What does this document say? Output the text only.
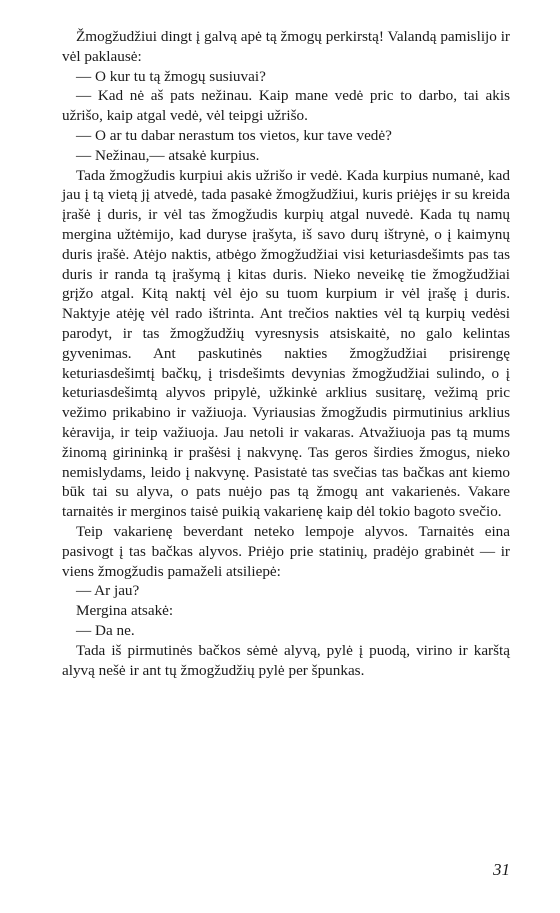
Žmogžudžiui dingt į galvą apė tą žmogų perkirstą! Valandą pamislijo ir vėl paklausė:

— O kur tu tą žmogų susiuvai?

— Kad nė aš pats nežinau. Kaip mane vedė pric to darbo, tai akis užrišo, kaip atgal vedė, vėl teipgi užrišo.

— O ar tu dabar nerastum tos vietos, kur tave vedė?

— Nežinau,— atsakė kurpius.

Tada žmogžudis kurpiui akis užrišo ir vedė. Kada kurpius numanė, kad jau į tą vietą jį atvedė, tada pasakė žmogžudžiui, kuris priėjęs ir su kreida įrašė į duris, ir vėl tas žmogžudis kurpių atgal nuvedė. Kada tų namų mergina užtėmijo, kad duryse įrašyta, iš savo durų ištrynė, o į kaimynų duris įrašė. Atėjo naktis, atbėgo žmogžudžiai visi keturiasdešimts pas tas duris ir randa tą įrašymą į kitas duris. Nieko neveikę tie žmogžudžiai grįžo atgal. Kitą naktį vėl ėjo su tuom kurpium ir vėl įrašę į duris. Naktyje atėję vėl rado ištrinta. Ant trečios nakties vėl tą kurpių vedėsi parodyt, ir tas žmogžudžių vyresnysis atsiskaitė, no galo kelintas gyvenimas. Ant paskutinės nakties žmogžudžiai prisirengę keturiasdešimtį bačkų, į trisdešimts devynias žmogžudžiai sulindo, o į keturiasdešimtą alyvos pripylė, užkinkė arklius susitarę, vežimą pric vežimo prikabino ir važiuoja. Vyriausias žmogžudis pirmutinius arklius kėravija, ir teip važiuoja. Jau netoli ir vakaras. Atvažiuoja pas tą mums žinomą girininką ir prašėsi į nakvynę. Tas geros širdies žmogus, nieko nemislydams, leido į nakvynę. Pasistatė tas svečias tas bačkas ant kiemo būk tai su alyva, o pats nuėjo pas tą žmogų ant vakarienės. Vakare tarnaitės ir merginos taisė puikią vakarienę kaip dėl tokio bagoto svečio.

Teip vakarienę beverdant neteko lempoje alyvos. Tarnaitės eina pasivogt į tas bačkas alyvos. Priėjo prie statinių, pradėjo grabinėt — ir viens žmogžudis pamaželi atsiliepė:

— Ar jau?

Mergina atsakė:

— Da ne.

Tada iš pirmutinės bačkos sėmė alyvą, pylė į puodą, virino ir karštą alyvą nešė ir ant tų žmogžudžių pylė per špunkas.

31
